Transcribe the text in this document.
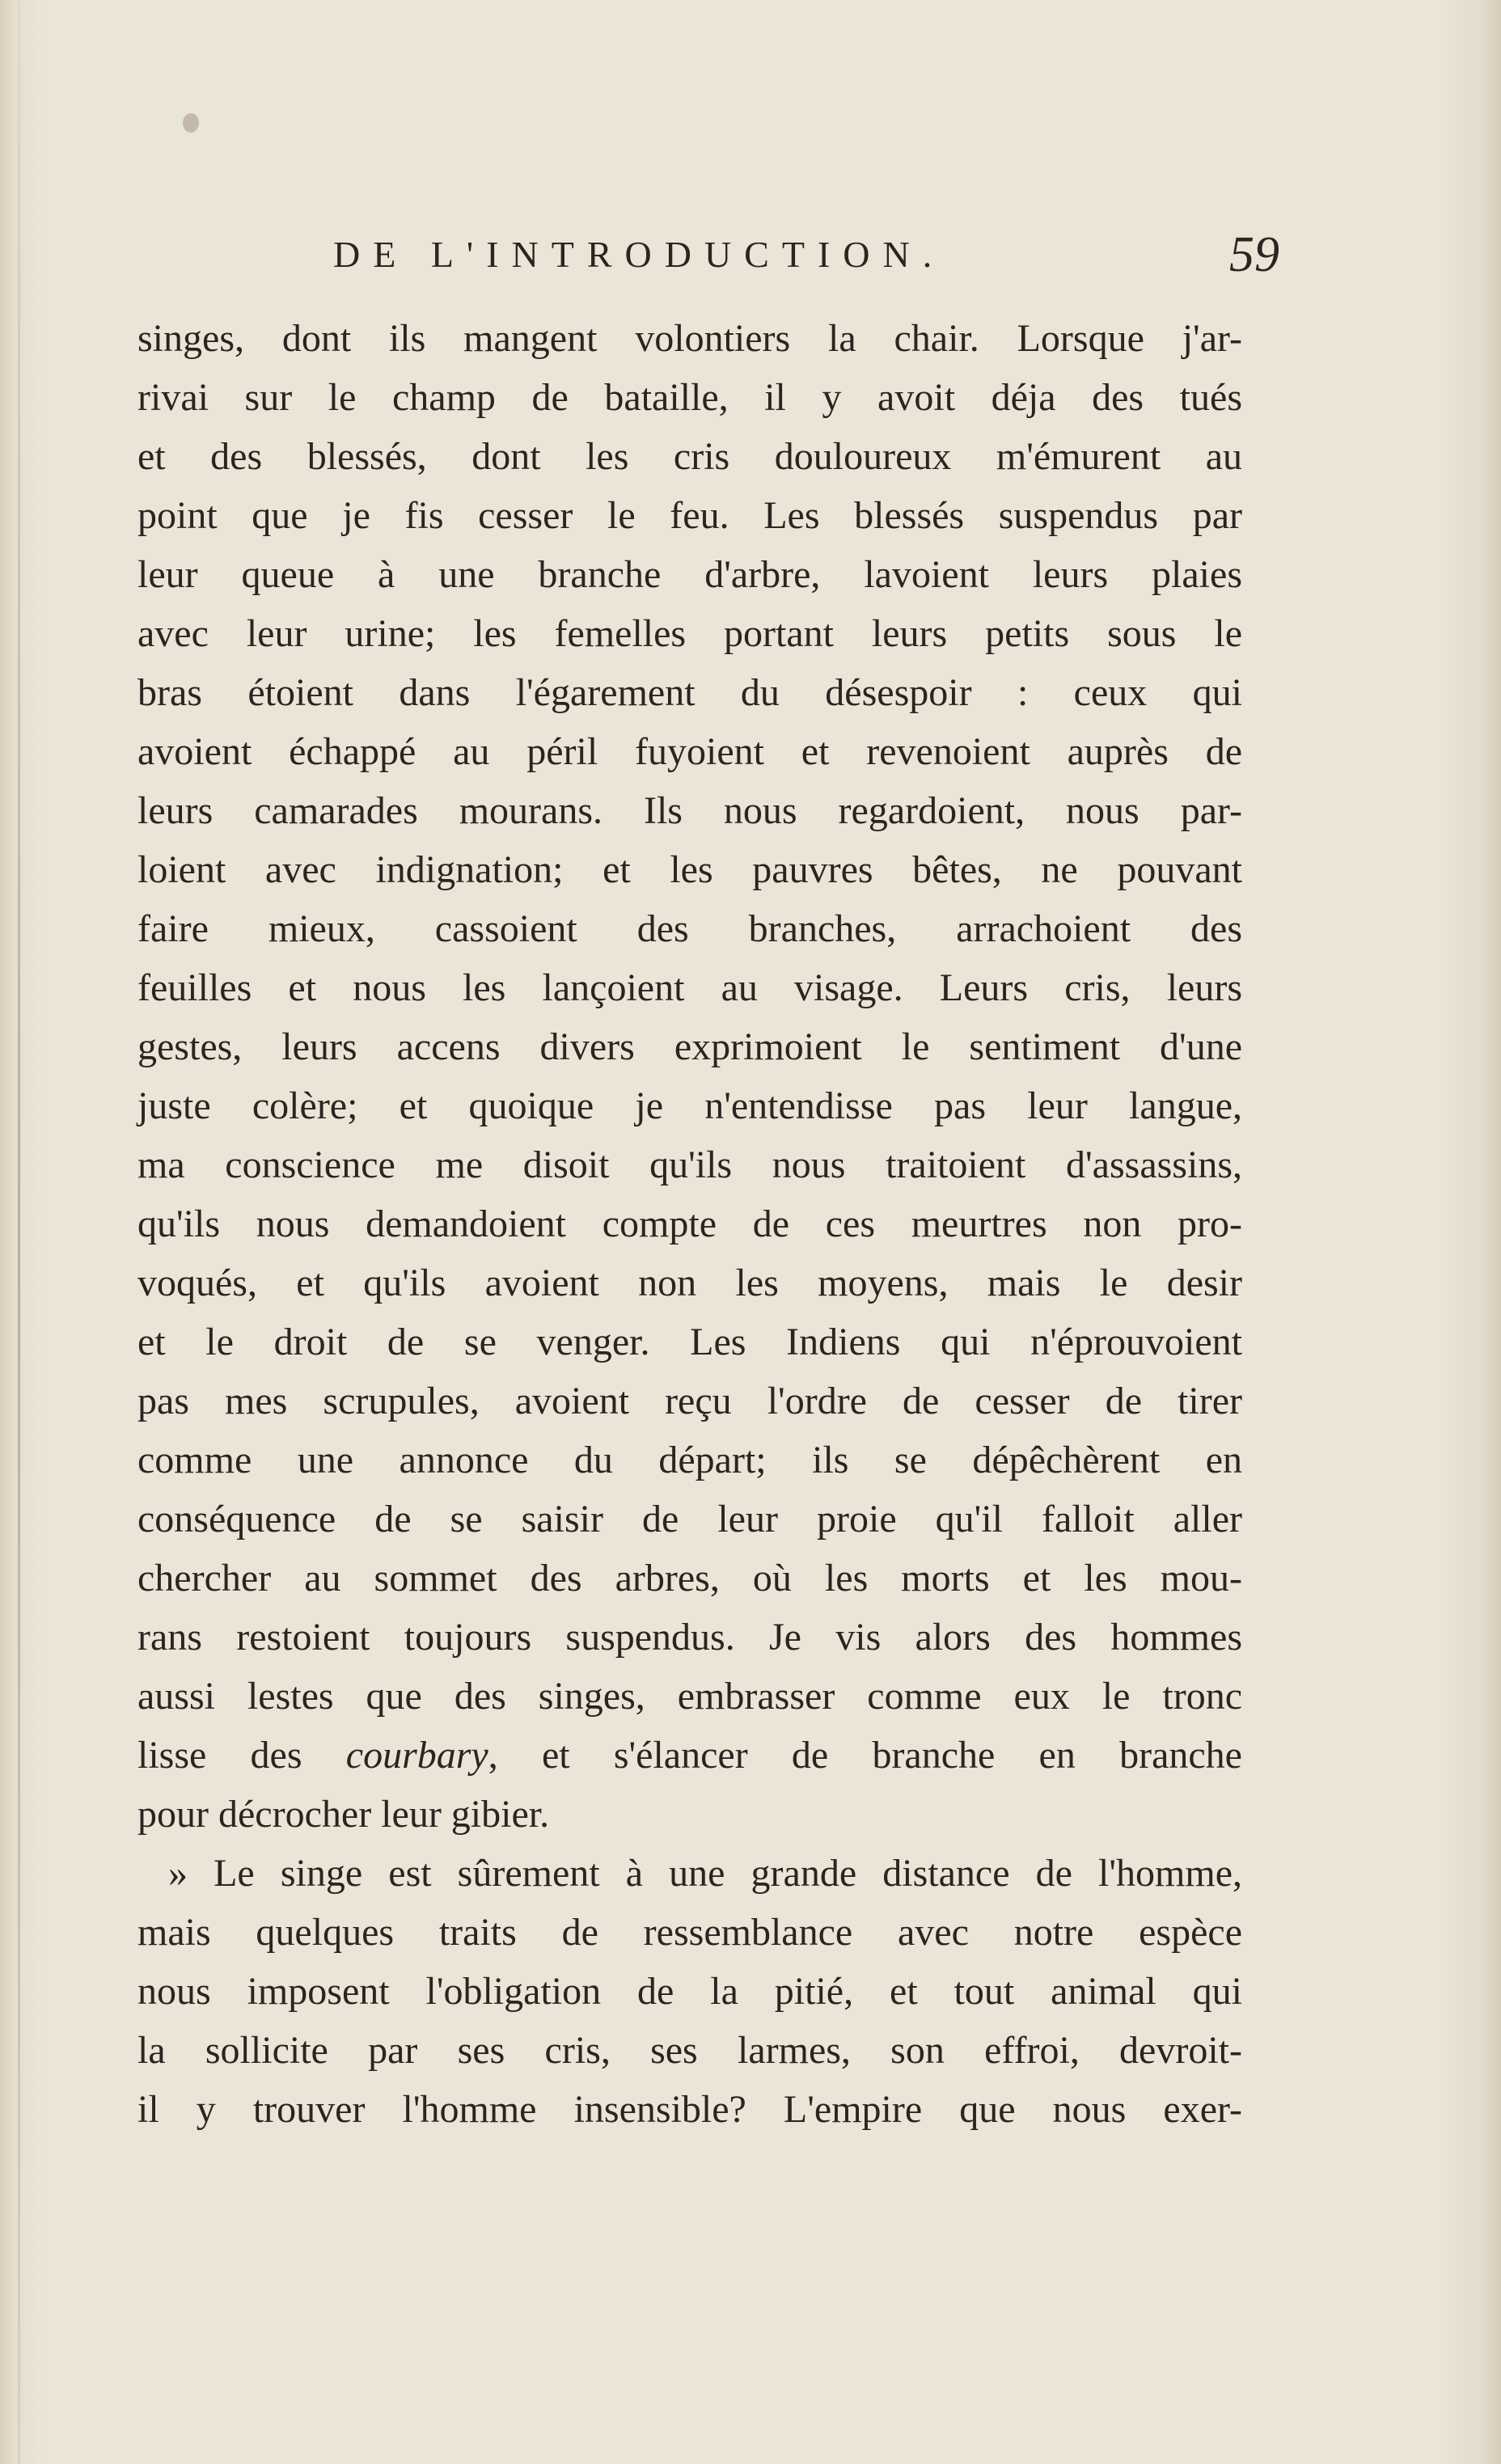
DE L'INTRODUCTION.	59
singes, dont ils mangent volontiers la chair. Lorsque j'ar-
rivai sur le champ de bataille, il y avoit déja des tués
et des blessés, dont les cris douloureux m'émurent au
point que je fis cesser le feu. Les blessés suspendus par
leur queue à une branche d'arbre, lavoient leurs plaies
avec leur urine; les femelles portant leurs petits sous le
bras étoient dans l'égarement du désespoir : ceux qui
avoient échappé au péril fuyoient et revenoient auprès de
leurs camarades mourans. Ils nous regardoient, nous par-
loient avec indignation; et les pauvres bêtes, ne pouvant
faire mieux, cassoient des branches, arrachoient des
feuilles et nous les lançoient au visage. Leurs cris, leurs
gestes, leurs accens divers exprimoient le sentiment d'une
juste colère; et quoique je n'entendisse pas leur langue,
ma conscience me disoit qu'ils nous traitoient d'assassins,
qu'ils nous demandoient compte de ces meurtres non pro-
voqués, et qu'ils avoient non les moyens, mais le desir
et le droit de se venger. Les Indiens qui n'éprouvoient
pas mes scrupules, avoient reçu l'ordre de cesser de tirer
comme une annonce du départ; ils se dépêchèrent en
conséquence de se saisir de leur proie qu'il falloit aller
chercher au sommet des arbres, où les morts et les mou-
rans restoient toujours suspendus. Je vis alors des hommes
aussi lestes que des singes, embrasser comme eux le tronc
lisse des courbary, et s'élancer de branche en branche
pour décrocher leur gibier.
» Le singe est sûrement à une grande distance de l'homme,
mais quelques traits de ressemblance avec notre espèce
nous imposent l'obligation de la pitié, et tout animal qui
la sollicite par ses cris, ses larmes, son effroi, devroit-
il y trouver l'homme insensible? L'empire que nous exer-
